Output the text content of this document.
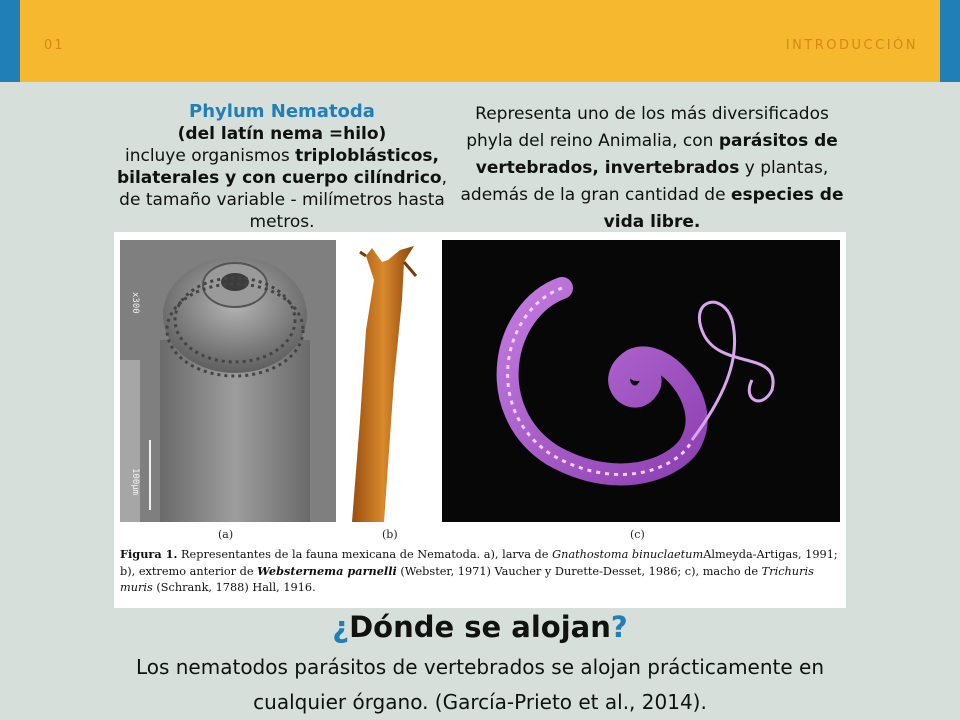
01	INTRODUCCIÓN
Phylum Nematoda
(del latín nema =hilo)
incluye organismos triploblásticos,
bilaterales y con cuerpo cilíndrico,
de tamaño variable - milímetros hasta
metros.
Representa uno de los más diversificados phyla del reino Animalia, con parásitos de vertebrados, invertebrados y plantas, además de la gran cantidad de especies de vida libre.
x300
100μm
(a)	(b)	(c)
Figura 1. Representantes de la fauna mexicana de Nematoda. a), larva de Gnathostoma binuclaetumAlmeyda-Artigas, 1991; b), extremo anterior de Websternema parnelli (Webster, 1971) Vaucher y Durette-Desset, 1986; c), macho de Trichuris muris (Schrank, 1788) Hall, 1916.
¿Dónde se alojan?
Los nematodos parásitos de vertebrados se alojan prácticamente en
cualquier órgano. (García-Prieto et al., 2014).
